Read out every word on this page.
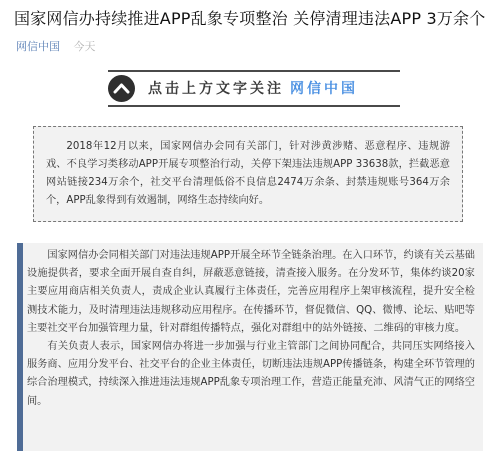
国家网信办持续推进APP乱象专项整治 关停清理违法APP 3万余个
网信中国 今天
点击上方文字关注 网信中国
2018年12月以来，国家网信办会同有关部门，针对涉黄涉赌、恶意程序、违规游戏、不良学习类移动APP开展专项整治行动，关停下架违法违规APP 33638款，拦截恶意网站链接234万余个，社交平台清理低俗不良信息2474万余条、封禁违规账号364万余个，APP乱象得到有效遏制，网络生态持续向好。

国家网信办会同相关部门对违法违规APP开展全环节全链条治理。在入口环节，约谈有关云基础设施提供者，要求全面开展自查自纠，屏蔽恶意链接，清查接入服务。在分发环节，集体约谈20家主要应用商店相关负责人，责成企业认真履行主体责任，完善应用程序上架审核流程，提升安全检测技术能力，及时清理违法违规移动应用程序。在传播环节，督促微信、QQ、微博、论坛、贴吧等主要社交平台加强管理力量，针对群组传播特点，强化对群组中的站外链接、二维码的审核力度。

有关负责人表示，国家网信办将进一步加强与行业主管部门之间协同配合，共同压实网络接入服务商、应用分发平台、社交平台的企业主体责任，切断违法违规APP传播链条，构建全环节管理的综合治理模式，持续深入推进违法违规APP乱象专项治理工作，营造正能量充沛、风清气正的网络空间。
